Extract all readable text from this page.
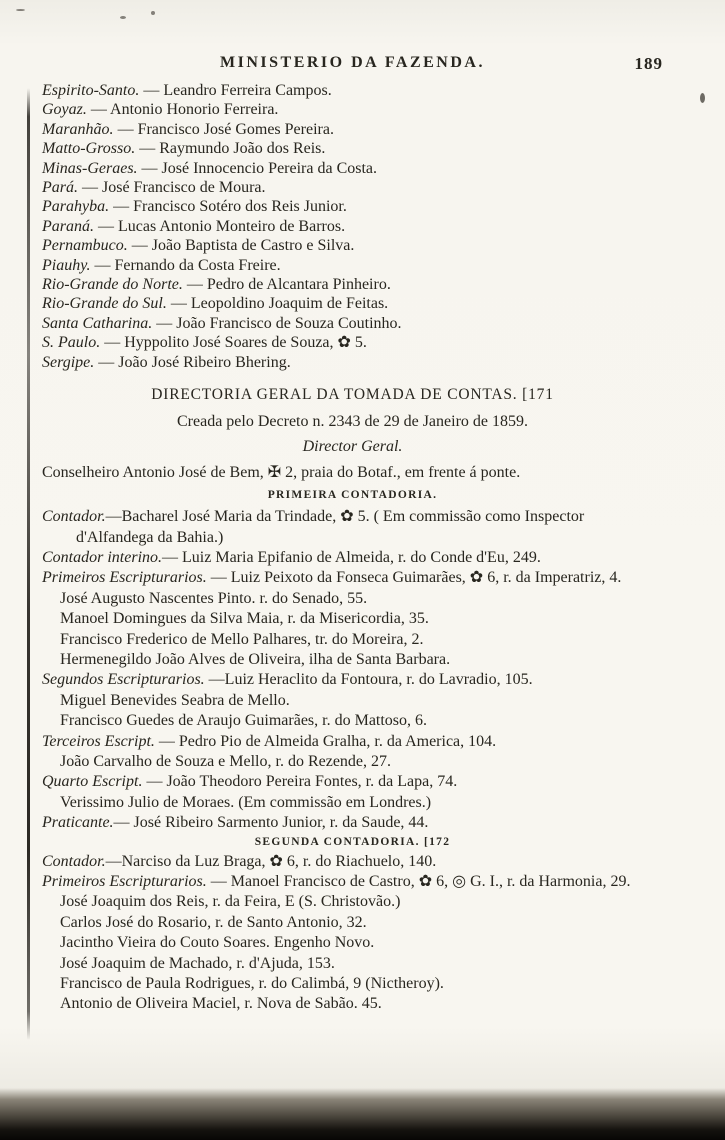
MINISTERIO DA FAZENDA.	189
Espirito-Santo. — Leandro Ferreira Campos.
Goyaz. — Antonio Honorio Ferreira.
Maranhão. — Francisco José Gomes Pereira.
Matto-Grosso. — Raymundo João dos Reis.
Minas-Geraes. — José Innocencio Pereira da Costa.
Pará. — José Francisco de Moura.
Parahyba. — Francisco Sotéro dos Reis Junior.
Paraná. — Lucas Antonio Monteiro de Barros.
Pernambuco. — João Baptista de Castro e Silva.
Piauhy. — Fernando da Costa Freire.
Rio-Grande do Norte. — Pedro de Alcantara Pinheiro.
Rio-Grande do Sul. — Leopoldino Joaquim de Feitas.
Santa Catharina. — João Francisco de Souza Coutinho.
S. Paulo. — Hyppolito José Soares de Souza, ✿ 5.
Sergipe. — João José Ribeiro Bhering.
DIRECTORIA GERAL DA TOMADA DE CONTAS. [171
Creada pelo Decreto n. 2343 de 29 de Janeiro de 1859.
Director Geral.
Conselheiro Antonio José de Bem, ✠ 2, praia do Botaf., em frente á ponte.
PRIMEIRA CONTADORIA.
Contador.—Bacharel José Maria da Trindade, ✿ 5. ( Em commissão como Inspector d'Alfandega da Bahia.)
Contador interino.— Luiz Maria Epifanio de Almeida, r. do Conde d'Eu, 249.
Primeiros Escripturarios. — Luiz Peixoto da Fonseca Guimarães, ✿ 6, r. da Imperatriz, 4.
José Augusto Nascentes Pinto. r. do Senado, 55.
Manoel Domingues da Silva Maia, r. da Misericordia, 35.
Francisco Frederico de Mello Palhares, tr. do Moreira, 2.
Hermenegildo João Alves de Oliveira, ilha de Santa Barbara.
Segundos Escripturarios. —Luiz Heraclito da Fontoura, r. do Lavradio, 105.
Miguel Benevides Seabra de Mello.
Francisco Guedes de Araujo Guimarães, r. do Mattoso, 6.
Terceiros Escript. — Pedro Pio de Almeida Gralha, r. da America, 104.
João Carvalho de Souza e Mello, r. do Rezende, 27.
Quarto Escript. — João Theodoro Pereira Fontes, r. da Lapa, 74.
Verissimo Julio de Moraes. (Em commissão em Londres.)
Praticante.— José Ribeiro Sarmento Junior, r. da Saude, 44.
SEGUNDA CONTADORIA. [172
Contador.—Narciso da Luz Braga, ✿ 6, r. do Riachuelo, 140.
Primeiros Escripturarios. — Manoel Francisco de Castro, ✿ 6, ◎ G. I., r. da Harmonia, 29.
José Joaquim dos Reis, r. da Feira, E (S. Christovão.)
Carlos José do Rosario, r. de Santo Antonio, 32.
Jacintho Vieira do Couto Soares. Engenho Novo.
José Joaquim de Machado, r. d'Ajuda, 153.
Francisco de Paula Rodrigues, r. do Calimbá, 9 (Nictheroy).
Antonio de Oliveira Maciel, r. Nova de Sabão. 45.
